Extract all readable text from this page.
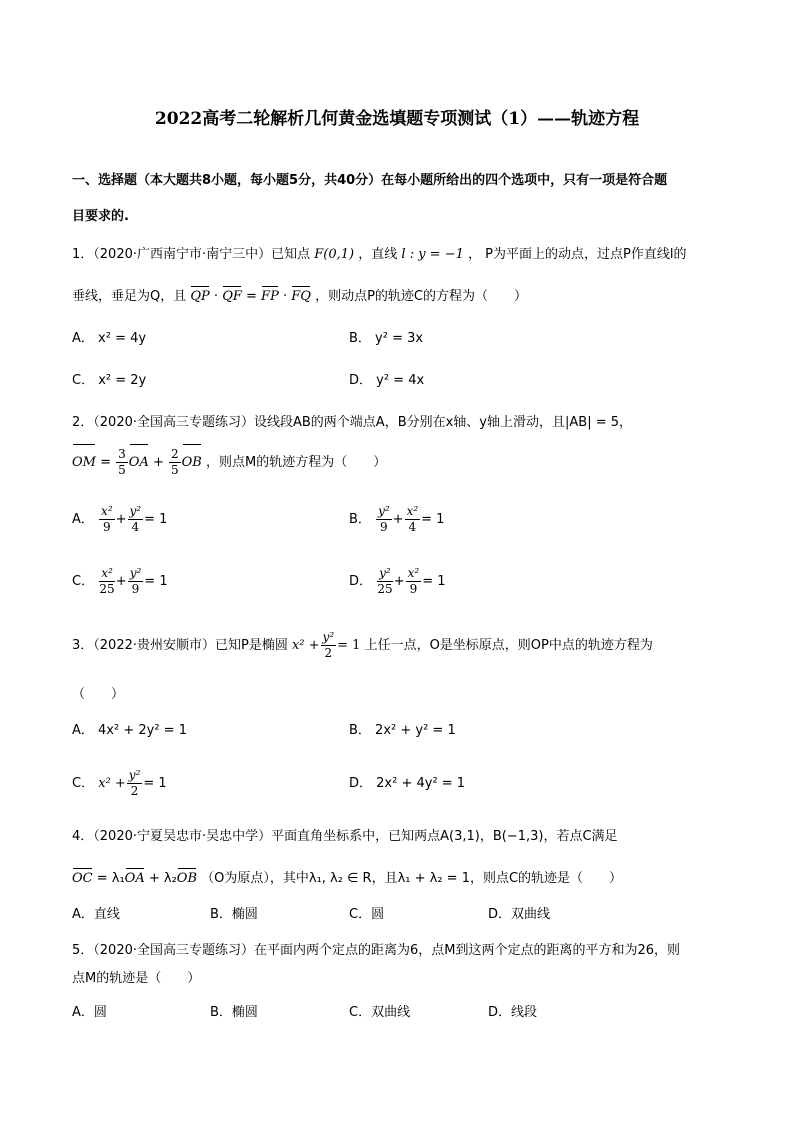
2022高考二轮解析几何黄金选填题专项测试（1）——轨迹方程
一、选择题（本大题共8小题，每小题5分，共40分）在每小题所给出的四个选项中，只有一项是符合题
目要求的.
1．（2020·广西南宁市·南宁三中）已知点 F(0,1) ，直线 l : y = −1 ， P为平面上的动点，过点P作直线l的
垂线，垂足为Q，且 QP · QF = FP · FQ ，则动点P的轨迹C的方程为（　　）
A． x² = 4y	B． y² = 3x
C． x² = 2y	D． y² = 4x
2．（2020·全国高三专题练习）设线段AB的两个端点A，B分别在x轴、y轴上滑动，且|AB| = 5，
OM = $\frac{3}{5}$ OA + $\frac{2}{5}$ OB ，则点M的轨迹方程为（　　）
A． $\frac{\text{x²}}{9} + \frac{\text{y²}}{4} = 1$	B． $\frac{\text{y²}}{9} + \frac{\text{x²}}{4} = 1$
C． $\frac{\text{x²}}{25} + \frac{\text{y²}}{9} = 1$	D． $\frac{\text{y²}}{25} + \frac{\text{x²}}{9} = 1$
3．（2022·贵州安顺市）已知P是椭圆 $x^2 + \frac{\text{y²}}{2} = 1$ 上任一点，O是坐标原点，则OP中点的轨迹方程为
（　　）
A． 4x² + 2y² = 1	B． 2x² + y² = 1
C． $x^2 + \frac{\text{y²}}{2} = 1$	D． 2x² + 4y² = 1
4．（2020·宁夏吴忠市·吴忠中学）平面直角坐标系中，已知两点A(3,1)，B(−1,3)，若点C满足
OC = λ₁OA + λ₂OB （O为原点），其中λ₁, λ₂ ∈ R，且λ₁ + λ₂ = 1，则点C的轨迹是（　　）
A．直线	B．椭圆	C．圆	D．双曲线
5．（2020·全国高三专题练习）在平面内两个定点的距离为6，点M到这两个定点的距离的平方和为26，则
点M的轨迹是（　　）
A．圆	B．椭圆	C．双曲线	D．线段
